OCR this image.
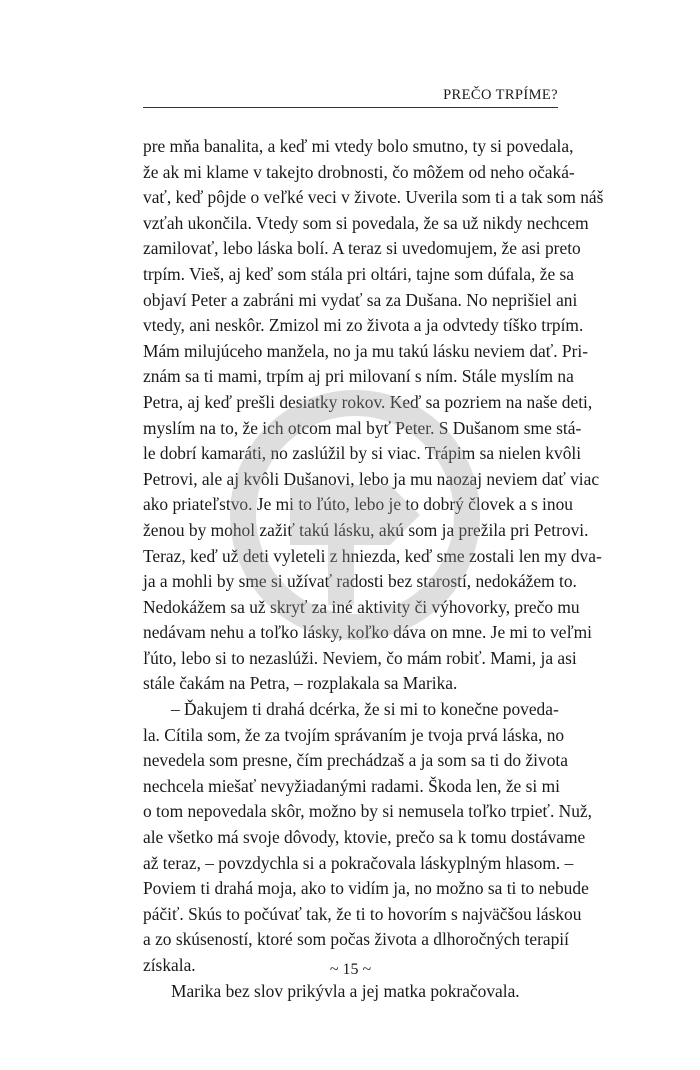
PREČO TRPÍME?
pre mňa banalita, a keď mi vtedy bolo smutno, ty si povedala,
že ak mi klame v takejto drobnosti, čo môžem od neho očaká-
vať, keď pôjde o veľké veci v živote. Uverila som ti a tak som náš
vzťah ukončila. Vtedy som si povedala, že sa už nikdy nechcem
zamilovať, lebo láska bolí. A teraz si uvedomujem, že asi preto
trpím. Vieš, aj keď som stála pri oltári, tajne som dúfala, že sa
objaví Peter a zabráni mi vydať sa za Dušana. No neprišiel ani
vtedy, ani neskôr. Zmizol mi zo života a ja odvtedy tíško trpím.
Mám milujúceho manžela, no ja mu takú lásku neviem dať. Pri-
znám sa ti mami, trpím aj pri milovaní s ním. Stále myslím na
Petra, aj keď prešli desiatky rokov. Keď sa pozriem na naše deti,
myslím na to, že ich otcom mal byť Peter. S Dušanom sme stá-
le dobrí kamaráti, no zaslúžil by si viac. Trápim sa nielen kvôli
Petrovi, ale aj kvôli Dušanovi, lebo ja mu naozaj neviem dať viac
ako priateľstvo. Je mi to ľúto, lebo je to dobrý človek a s inou
ženou by mohol zažiť takú lásku, akú som ja prežila pri Petrovi.
Teraz, keď už deti vyleteli z hniezda, keď sme zostali len my dva-
ja a mohli by sme si užívať radosti bez starostí, nedokážem to.
Nedokážem sa už skryť za iné aktivity či výhovorky, prečo mu
nedávam nehu a toľko lásky, koľko dáva on mne. Je mi to veľmi
ľúto, lebo si to nezaslúži. Neviem, čo mám robiť. Mami, ja asi
stále čakám na Petra, – rozplakala sa Marika.
– Ďakujem ti drahá dcérka, že si mi to konečne poveda-
la. Cítila som, že za tvojím správaním je tvoja prvá láska, no
nevedela som presne, čím prechádzaš a ja som sa ti do života
nechcela miešať nevyžiadanými radami. Škoda len, že si mi
o tom nepovedala skôr, možno by si nemusela toľko trpieť. Nuž,
ale všetko má svoje dôvody, ktovie, prečo sa k tomu dostávame
až teraz, – povzdychla si a pokračovala láskyplným hlasom. –
Poviem ti drahá moja, ako to vidím ja, no možno sa ti to nebude
páčiť. Skús to počúvať tak, že ti to hovorím s najväčšou láskou
a zo skúseností, ktoré som počas života a dlhoročných terapií
získala.
Marika bez slov prikývla a jej matka pokračovala.
~ 15 ~
